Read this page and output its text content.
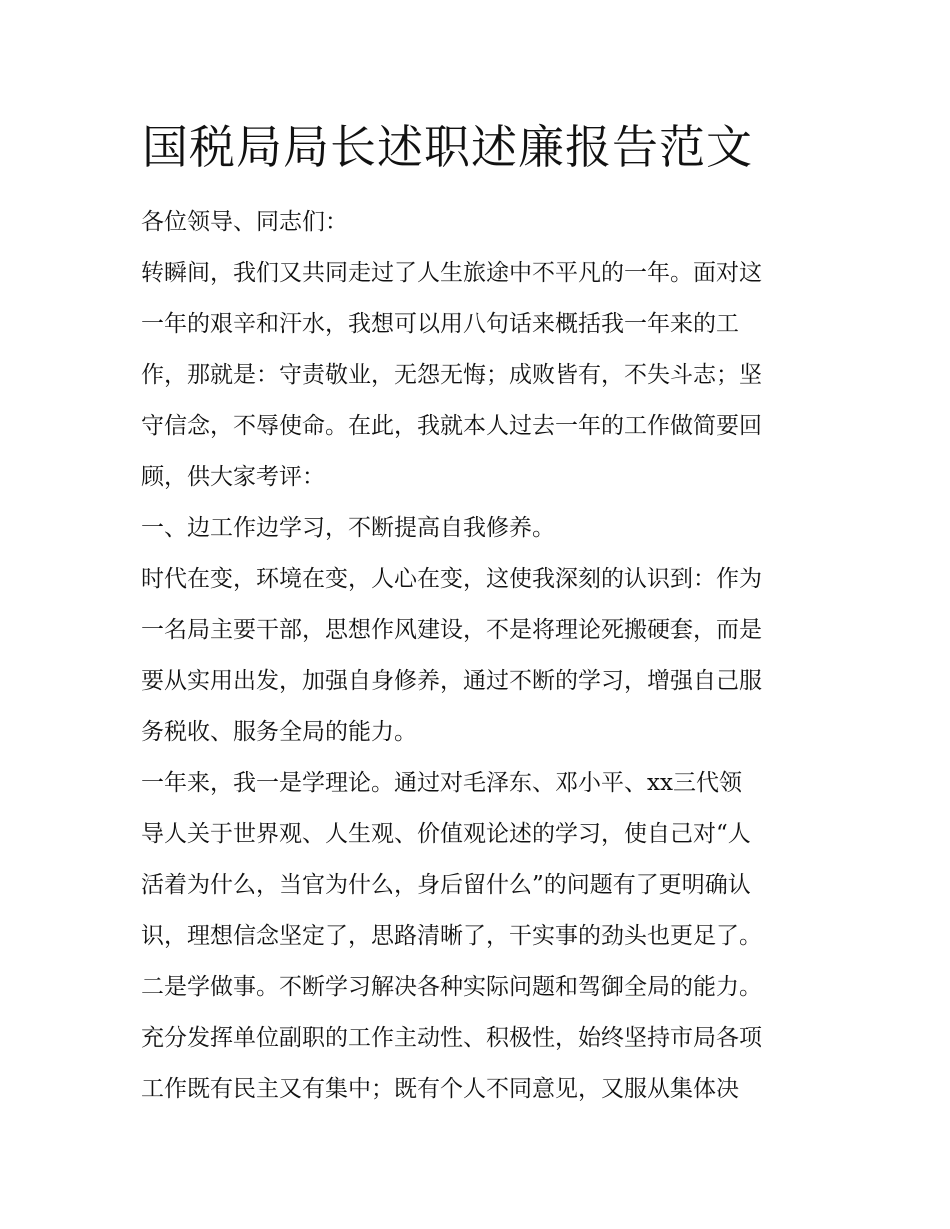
国税局局长述职述廉报告范文

各位领导、同志们：

转瞬间，我们又共同走过了人生旅途中不平凡的一年。面对这

一年的艰辛和汗水，我想可以用八句话来概括我一年来的工

作，那就是：守责敬业，无怨无悔；成败皆有，不失斗志；坚

守信念，不辱使命。在此，我就本人过去一年的工作做简要回

顾，供大家考评：

一、边工作边学习，不断提高自我修养。

时代在变，环境在变，人心在变，这使我深刻的认识到：作为

一名局主要干部，思想作风建设，不是将理论死搬硬套，而是

要从实用出发，加强自身修养，通过不断的学习，增强自己服

务税收、服务全局的能力。

一年来，我一是学理论。通过对毛泽东、邓小平、xx三代领

导人关于世界观、人生观、价值观论述的学习，使自己对“人

活着为什么，当官为什么，身后留什么”的问题有了更明确认

识，理想信念坚定了，思路清晰了，干实事的劲头也更足了。

二是学做事。不断学习解决各种实际问题和驾御全局的能力。

充分发挥单位副职的工作主动性、积极性，始终坚持市局各项

工作既有民主又有集中；既有个人不同意见，又服从集体决
